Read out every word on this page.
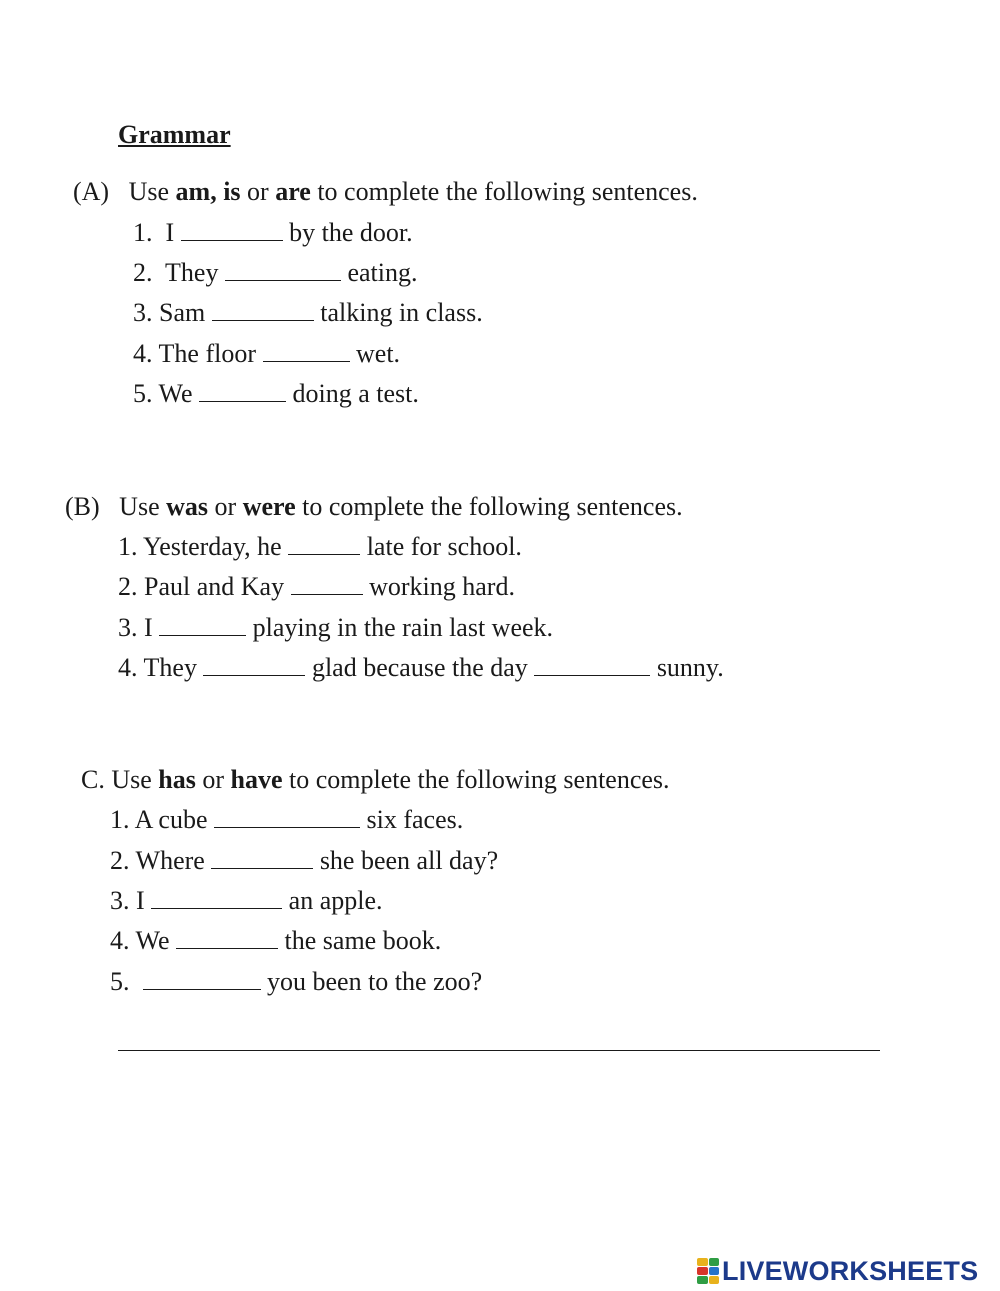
Grammar
(A) Use am, is or are to complete the following sentences.
1. I	by the door.
2. They	eating.
3. Sam	talking in class.
4. The floor	wet.
5. We	doing a test.
(B) Use was or were to complete the following sentences.
1. Yesterday, he	late for school.
2. Paul and Kay	working hard.
3. I	playing in the rain last week.
4. They	glad because the day	sunny.
C. Use has or have to complete the following sentences.
1. A cube	six faces.
2. Where	she been all day?
3. I	an apple.
4. We	the same book.
5.	you been to the zoo?
LIVEWORKSHEETS
